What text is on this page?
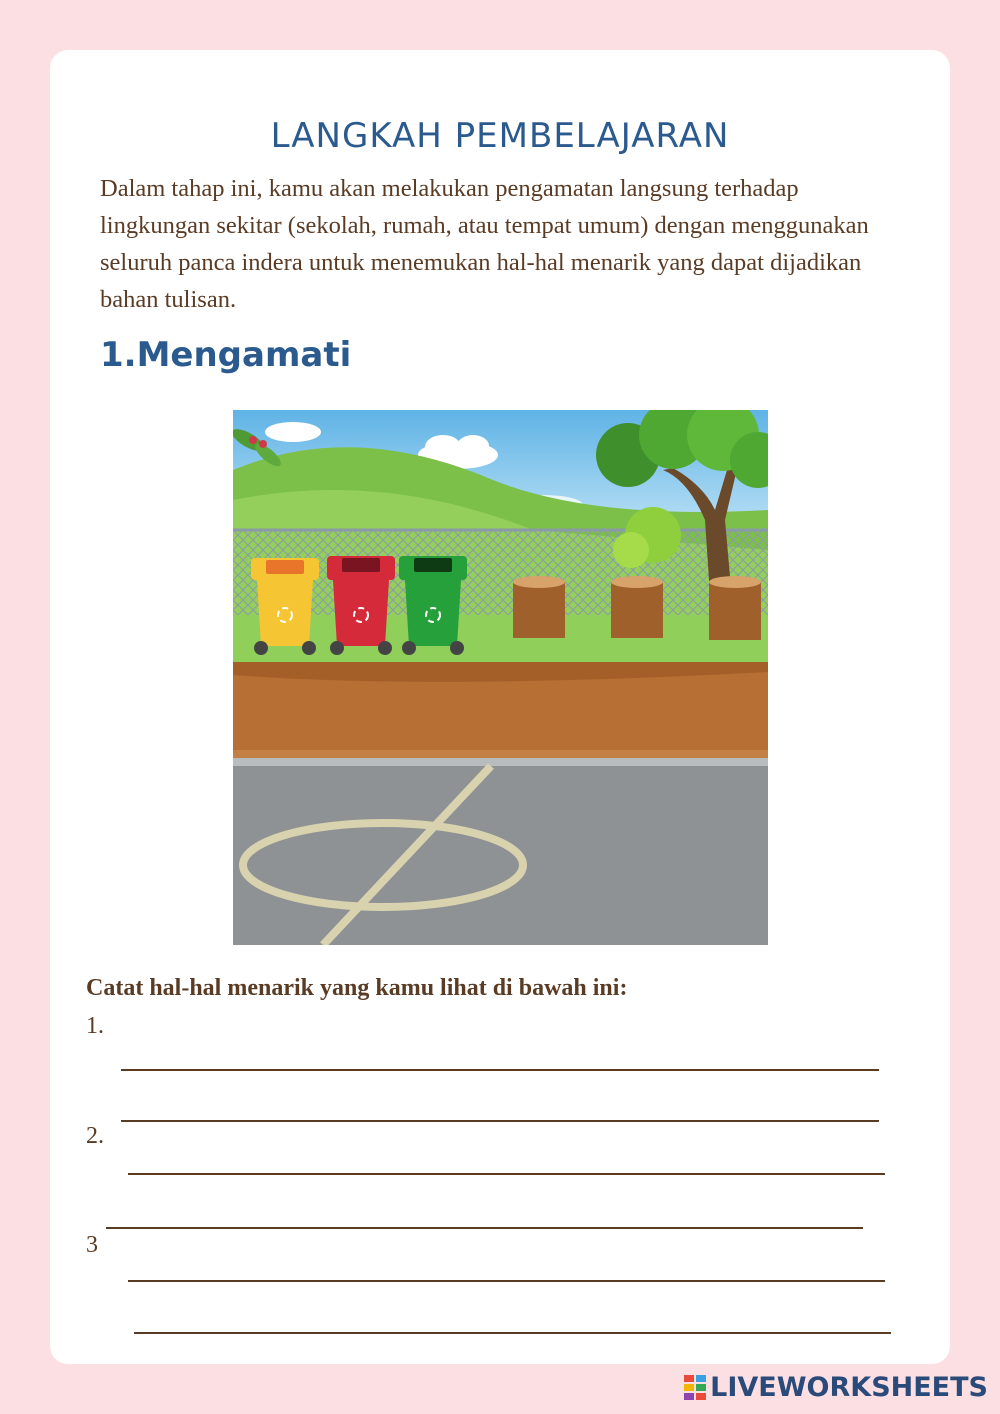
LANGKAH PEMBELAJARAN

Dalam tahap ini, kamu akan melakukan pengamatan langsung terhadap lingkungan sekitar (sekolah, rumah, atau tempat umum) dengan menggunakan seluruh panca indera untuk menemukan hal-hal menarik yang dapat dijadikan bahan tulisan.

1.Mengamati
Catat hal-hal menarik yang kamu lihat di bawah ini:
1.
2.
3
LIVEWORKSHEETS
